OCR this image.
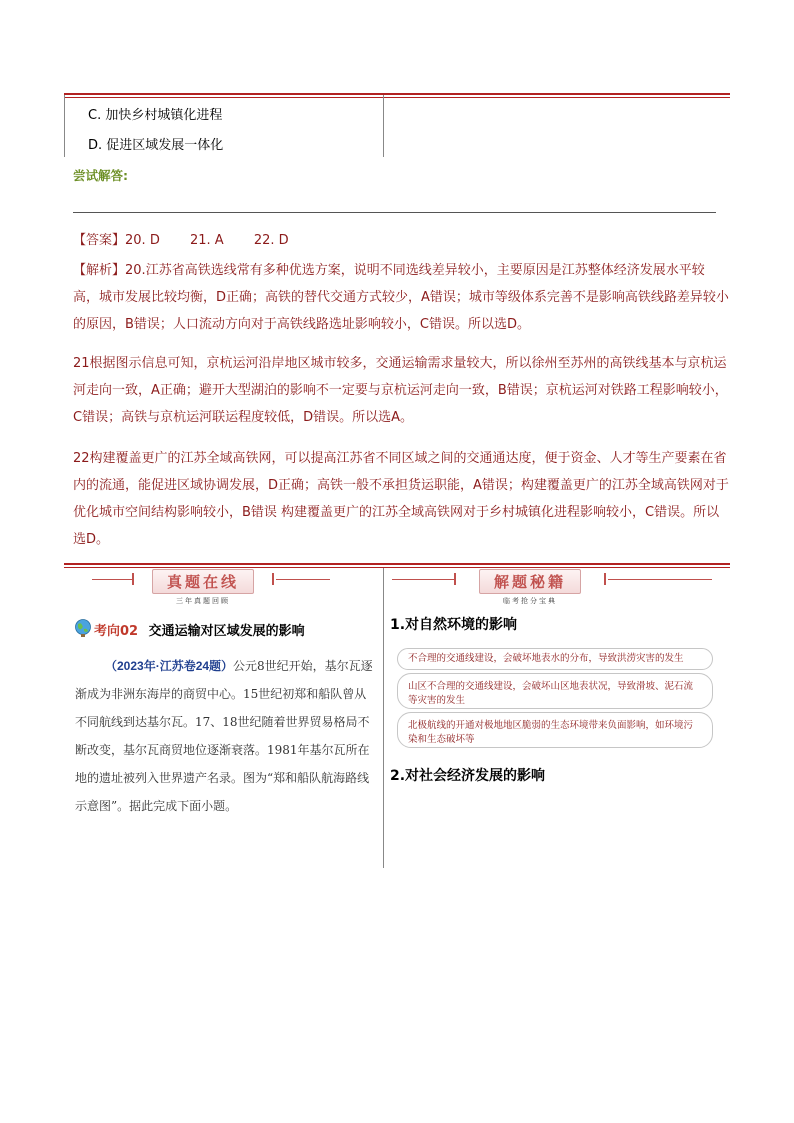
C. 加快乡村城镇化进程
D. 促进区域发展一体化
尝试解答:
【答案】20. D 21. A 22. D
【解析】20.江苏省高铁选线常有多种优选方案，说明不同选线差异较小，主要原因是江苏整体经济发展水平较高，城市发展比较均衡，D正确；高铁的替代交通方式较少，A错误；城市等级体系完善不是影响高铁线路差异较小的原因，B错误；人口流动方向对于高铁线路选址影响较小，C错误。所以选D。
21根据图示信息可知，京杭运河沿岸地区城市较多，交通运输需求量较大，所以徐州至苏州的高铁线基本与京杭运河走向一致，A正确；避开大型湖泊的影响不一定要与京杭运河走向一致，B错误；京杭运河对铁路工程影响较小，C错误；高铁与京杭运河联运程度较低，D错误。所以选A。
22构建覆盖更广的江苏全域高铁网，可以提高江苏省不同区域之间的交通通达度，便于资金、人才等生产要素在省内的流通，能促进区域协调发展，D正确；高铁一般不承担货运职能，A错误；构建覆盖更广的江苏全域高铁网对于优化城市空间结构影响较小，B错误 构建覆盖更广的江苏全域高铁网对于乡村城镇化进程影响较小，C错误。所以选D。
真题在线
三年真题回顾
考向02 交通运输对区域发展的影响
（2023年·江苏卷24题）公元8世纪开始，基尔瓦逐渐成为非洲东海岸的商贸中心。15世纪初郑和船队曾从不同航线到达基尔瓦。17、18世纪随着世界贸易格局不断改变，基尔瓦商贸地位逐渐衰落。1981年基尔瓦所在地的遗址被列入世界遗产名录。图为“郑和船队航海路线示意图”。据此完成下面小题。
解题秘籍
临考抢分宝典
1.对自然环境的影响
不合理的交通线建设，会破坏地表水的分布，导致洪涝灾害的发生
山区不合理的交通线建设，会破坏山区地表状况，导致滑坡、泥石流等灾害的发生
北极航线的开通对极地地区脆弱的生态环境带来负面影响，如环境污染和生态破坏等
2.对社会经济发展的影响
